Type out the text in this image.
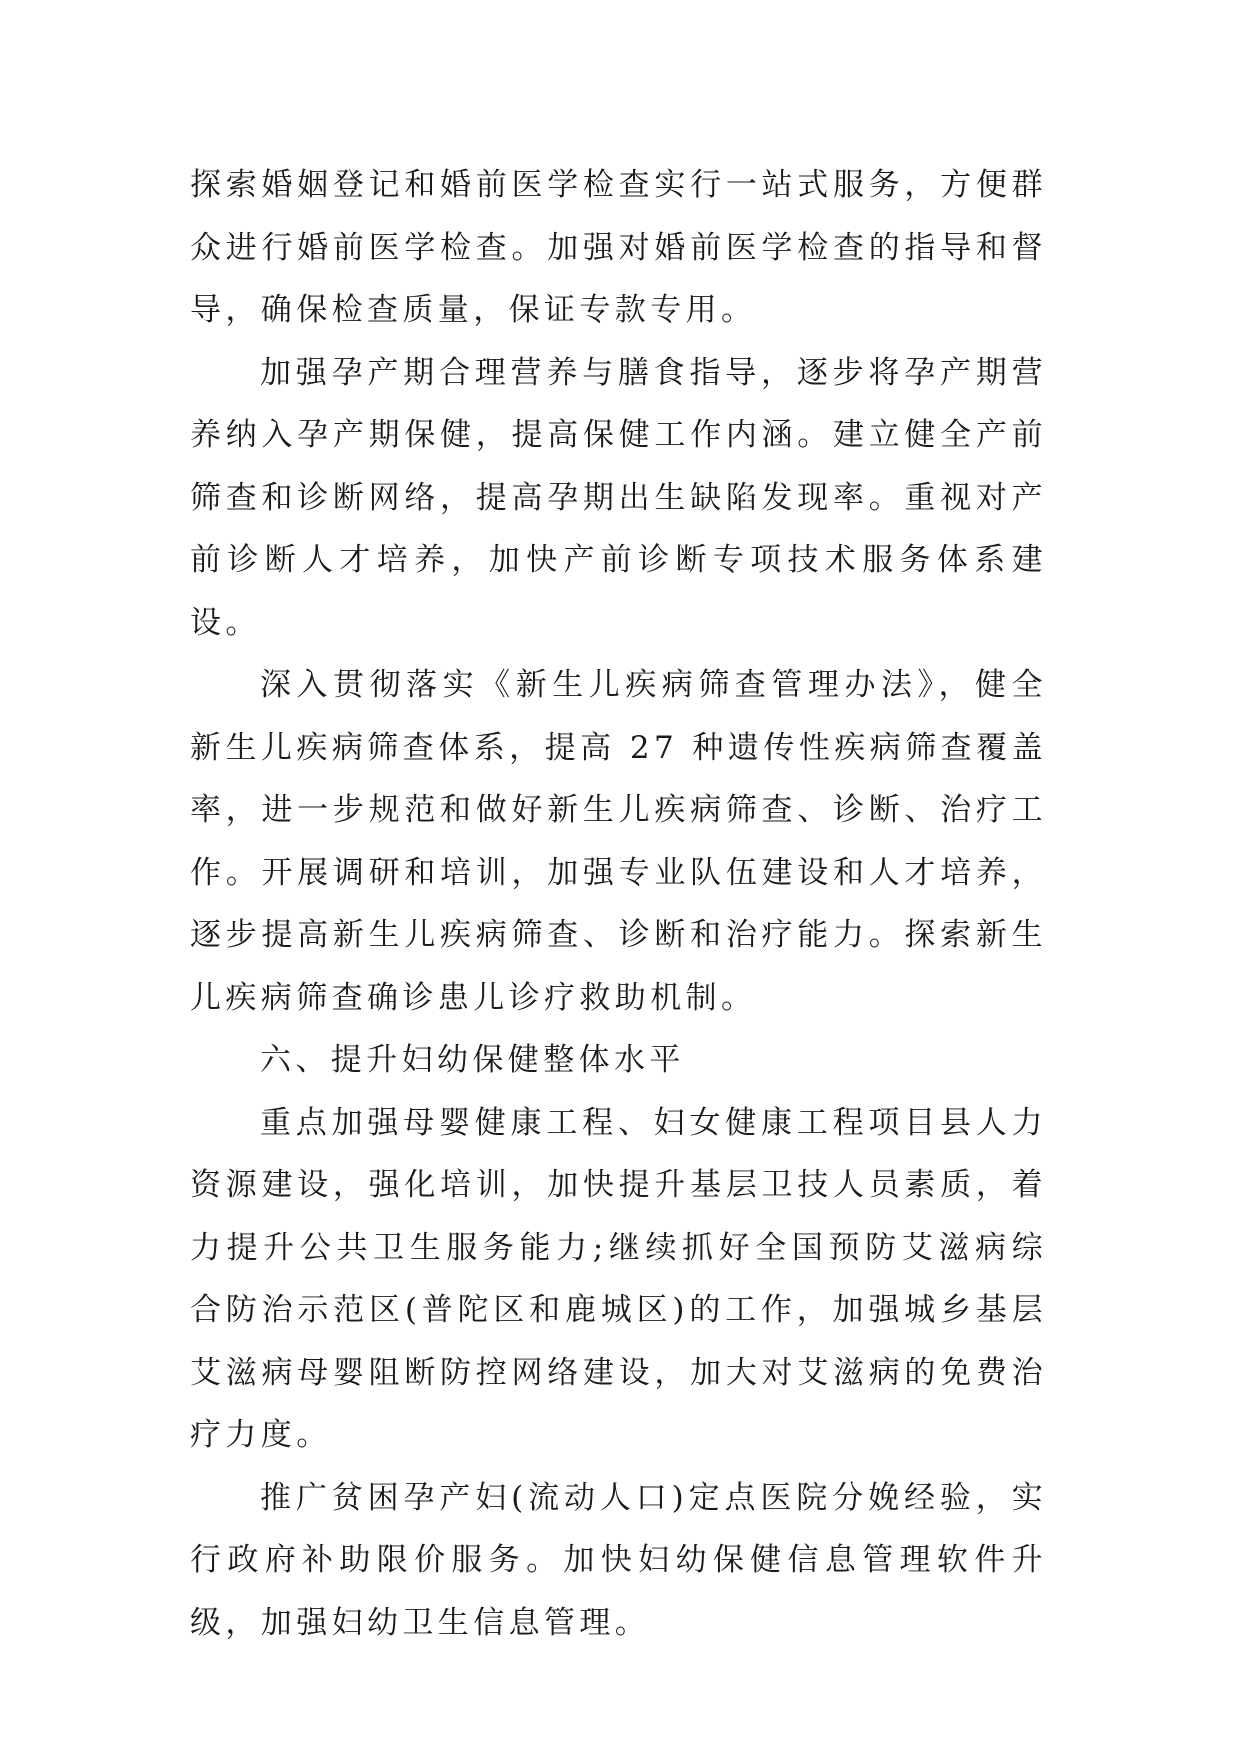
探索婚姻登记和婚前医学检查实行一站式服务，方便群众进行婚前医学检查。加强对婚前医学检查的指导和督导，确保检查质量，保证专款专用。

加强孕产期合理营养与膳食指导，逐步将孕产期营养纳入孕产期保健，提高保健工作内涵。建立健全产前筛查和诊断网络，提高孕期出生缺陷发现率。重视对产前诊断人才培养，加快产前诊断专项技术服务体系建设。

深入贯彻落实《新生儿疾病筛查管理办法》，健全新生儿疾病筛查体系，提高 27 种遗传性疾病筛查覆盖率，进一步规范和做好新生儿疾病筛查、诊断、治疗工作。开展调研和培训，加强专业队伍建设和人才培养，逐步提高新生儿疾病筛查、诊断和治疗能力。探索新生儿疾病筛查确诊患儿诊疗救助机制。

六、提升妇幼保健整体水平

重点加强母婴健康工程、妇女健康工程项目县人力资源建设，强化培训，加快提升基层卫技人员素质，着力提升公共卫生服务能力;继续抓好全国预防艾滋病综合防治示范区(普陀区和鹿城区)的工作，加强城乡基层艾滋病母婴阻断防控网络建设，加大对艾滋病的免费治疗力度。

推广贫困孕产妇(流动人口)定点医院分娩经验，实行政府补助限价服务。加快妇幼保健信息管理软件升级，加强妇幼卫生信息管理。
